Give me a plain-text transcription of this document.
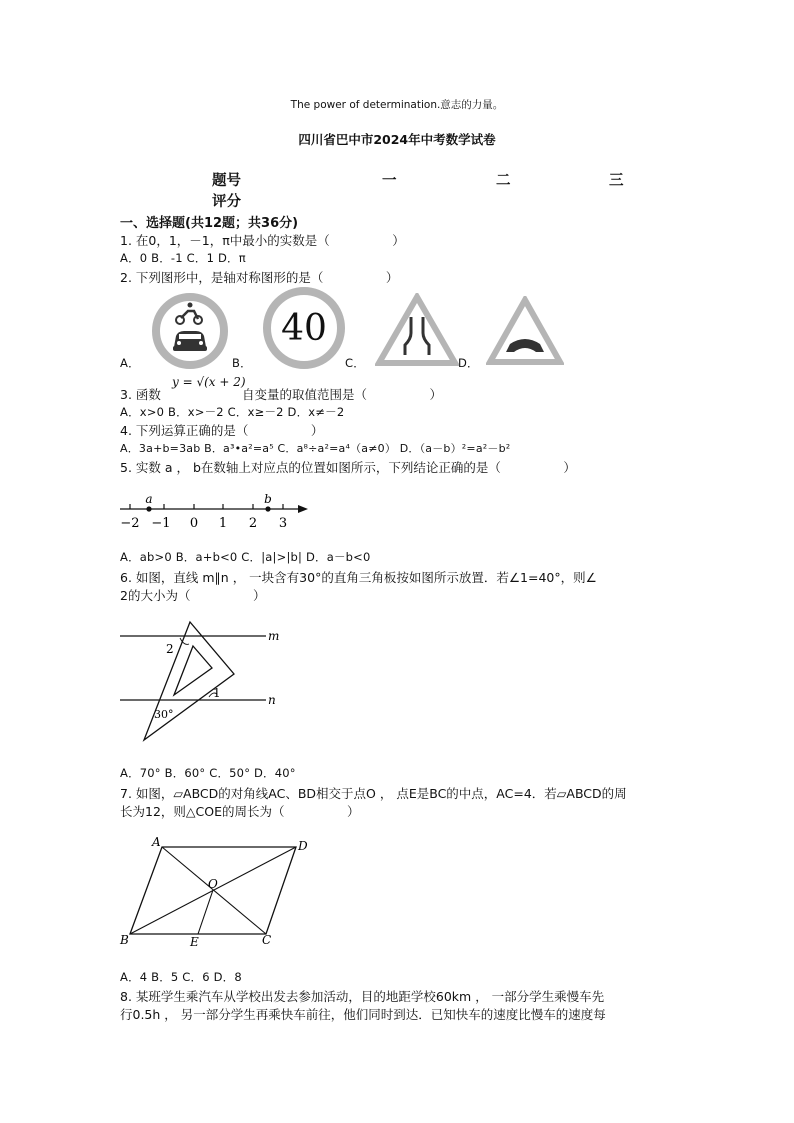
The power of determination.意志的力量。
四川省巴中市2024年中考数学试卷
题号	一	二	三
评分
一、选择题(共12题；共36分)
1. 在0，1，－1，π中最小的实数是（　　　　　）
A．0 B．-1 C．1 D．π
2. 下列图形中，是轴对称图形的是（　　　　　）
A．	B．
40
C．	D．
3. 函数
y = √(x + 2)
自变量的取值范围是（　　　　　）
A．x>0 B．x>－2 C．x≥－2 D．x≠－2
4. 下列运算正确的是（　　　　　）
A．3a+b=3ab B．a³•a²=a⁵ C．a⁸÷a²=a⁴（a≠0） D．（a－b）²=a²－b²
5. 实数 a ， b在数轴上对应点的位置如图所示，下列结论正确的是（　　　　　）
a	b
−2 −1 0 1 2 3
A．ab>0 B．a+b<0 C．|a|>|b| D．a－b<0
6. 如图，直线 m∥n ， 一块含有30°的直角三角板按如图所示放置．若∠1=40°，则∠
2的大小为（　　　　　）
m
n
1
2
30°
A．70° B．60° C．50° D．40°
7. 如图，▱ABCD的对角线AC、BD相交于点O ， 点E是BC的中点，AC=4．若▱ABCD的周
长为12，则△COE的周长为（　　　　　）
A	D
B	C
O
E
A．4 B．5 C．6 D．8
8. 某班学生乘汽车从学校出发去参加活动，目的地距学校60km ， 一部分学生乘慢车先
行0.5h ， 另一部分学生再乘快车前往，他们同时到达．已知快车的速度比慢车的速度每
